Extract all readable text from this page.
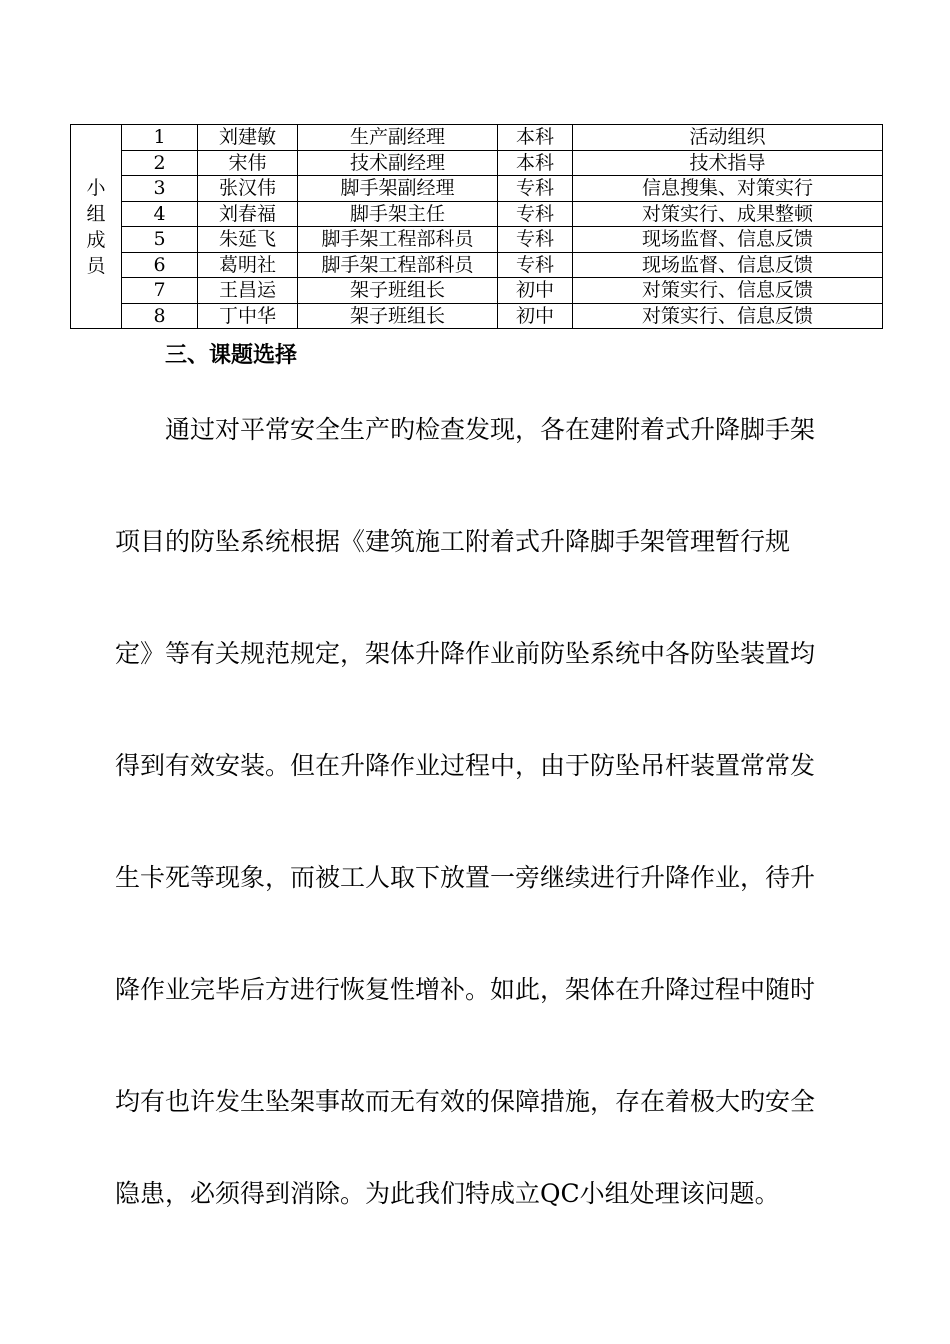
小
组
成
员	1	刘建敏	生产副经理	本科	活动组织
	2	宋伟	技术副经理	本科	技术指导
	3	张汉伟	脚手架副经理	专科	信息搜集、对策实行
	4	刘春福	脚手架主任	专科	对策实行、成果整顿
	5	朱延飞	脚手架工程部科员	专科	现场监督、信息反馈
	6	葛明社	脚手架工程部科员	专科	现场监督、信息反馈
	7	王昌运	架子班组长	初中	对策实行、信息反馈
	8	丁中华	架子班组长	初中	对策实行、信息反馈
三、课题选择
通过对平常安全生产旳检查发现，各在建附着式升降脚手架
项目的防坠系统根据《建筑施工附着式升降脚手架管理暂行规
定》等有关规范规定，架体升降作业前防坠系统中各防坠装置均
得到有效安装。但在升降作业过程中，由于防坠吊杆装置常常发
生卡死等现象，而被工人取下放置一旁继续进行升降作业，待升
降作业完毕后方进行恢复性增补。如此，架体在升降过程中随时
均有也许发生坠架事故而无有效的保障措施，存在着极大旳安全
隐患，必须得到消除。为此我们特成立QC小组处理该问题。
